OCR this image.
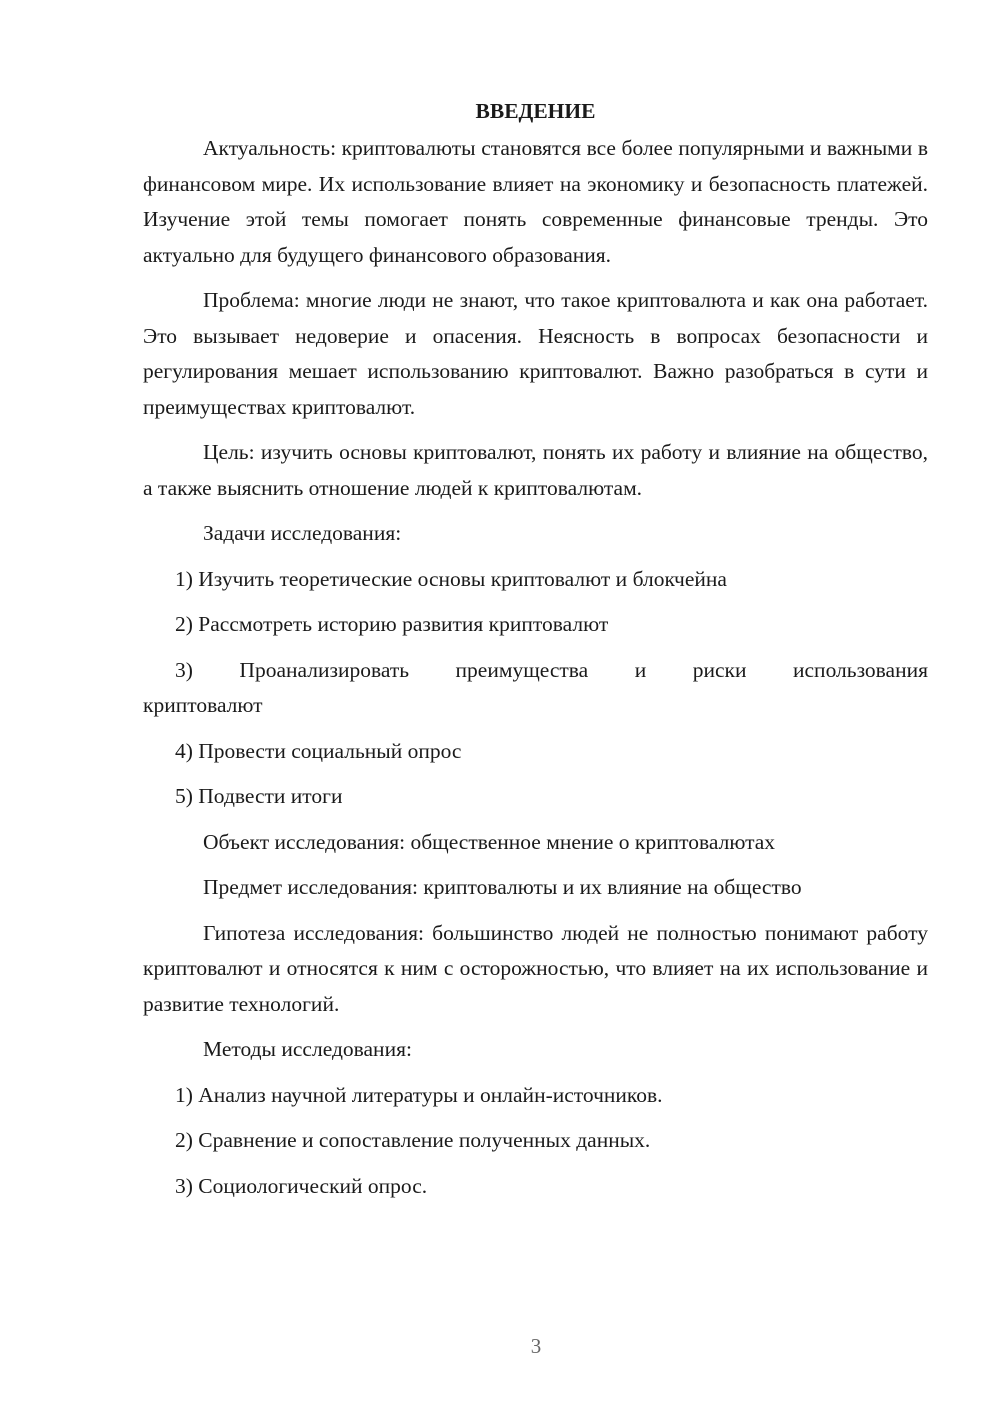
ВВЕДЕНИЕ

Актуальность: криптовалюты становятся все более популярными и важными в финансовом мире. Их использование влияет на экономику и безопасность платежей. Изучение этой темы помогает понять современные финансовые тренды. Это актуально для будущего финансового образования.

Проблема: многие люди не знают, что такое криптовалюта и как она работает. Это вызывает недоверие и опасения. Неясность в вопросах безопасности и регулирования мешает использованию криптовалют. Важно разобраться в сути и преимуществах криптовалют.

Цель: изучить основы криптовалют, понять их работу и влияние на общество, а также выяснить отношение людей к криптовалютам.

Задачи исследования:
1) Изучить теоретические основы криптовалют и блокчейна
2) Рассмотреть историю развития криптовалют
3) Проанализировать преимущества и риски использования криптовалют
4) Провести социальный опрос
5) Подвести итоги
Объект исследования: общественное мнение о криптовалютах
Предмет исследования: криптовалюты и их влияние на общество

Гипотеза исследования: большинство людей не полностью понимают работу криптовалют и относятся к ним с осторожностью, что влияет на их использование и развитие технологий.

Методы исследования:
1) Анализ научной литературы и онлайн-источников.
2) Сравнение и сопоставление полученных данных.
3) Социологический опрос.
3
